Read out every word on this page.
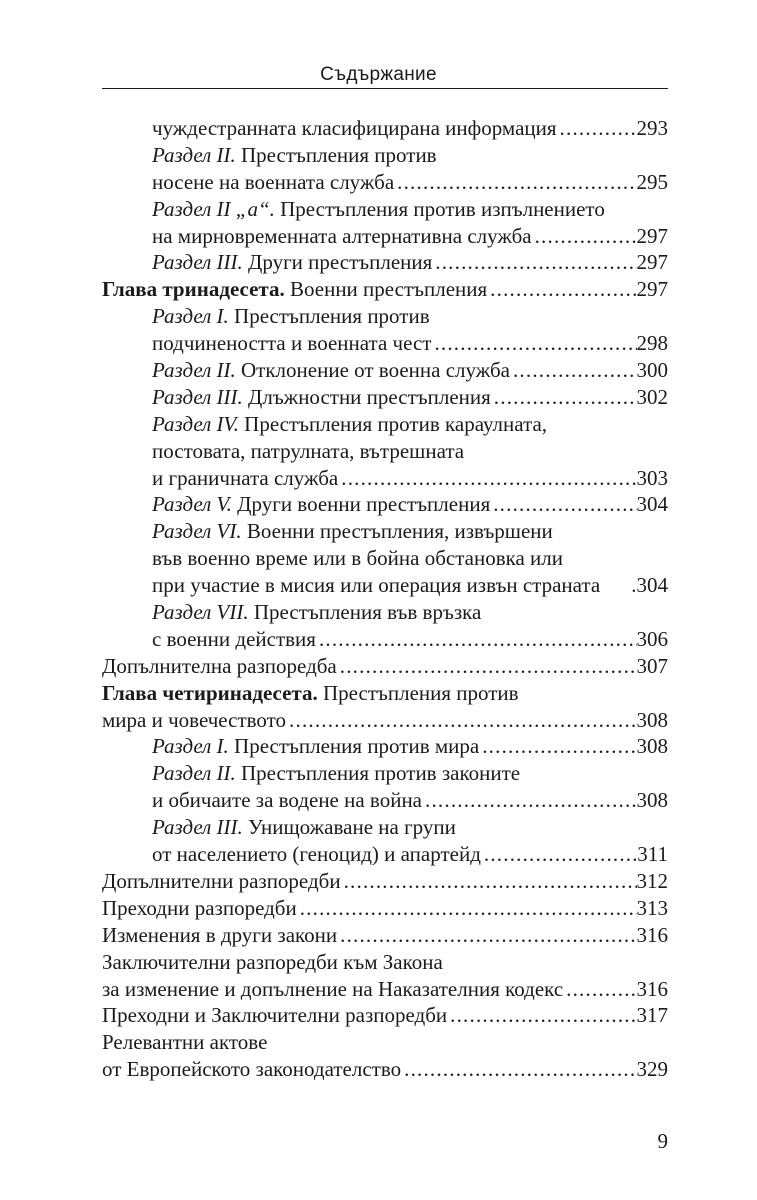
Съдържание
чуждестранната класифицирана информация .....	293
Раздел II. Престъпления против
носене на военната служба .....	295
Раздел II „а“. Престъпления против изпълнението
на мирновременната алтернативна служба .....	297
Раздел III. Други престъпления .....	297
Глава тринадесета. Военни престъпления .....	297
Раздел I. Престъпления против
подчинеността и военната чест .....	298
Раздел II. Отклонение от военна служба .....	300
Раздел III. Длъжностни престъпления .....	302
Раздел IV. Престъпления против караулната,
постовата, патрулната, вътрешната
и граничната служба .....	303
Раздел V. Други военни престъпления .....	304
Раздел VI. Военни престъпления, извършени
във военно време или в бойна обстановка или
при участие в мисия или операция извън страната .304
Раздел VII. Престъпления във връзка
с военни действия .....	306
Допълнителна разпоредба .....	307
Глава четиринадесета. Престъпления против
мира и човечеството .....	308
Раздел I. Престъпления против мира .....	308
Раздел II. Престъпления против законите
и обичаите за водене на война .....	308
Раздел III. Унищожаване на групи
от населението (геноцид) и апартейд .....	311
Допълнителни разпоредби .....	312
Преходни разпоредби .....	313
Изменения в други закони .....	316
Заключителни разпоредби към Закона
за изменение и допълнение на Наказателния кодекс .....	316
Преходни и Заключителни разпоредби .....	317
Релевантни актове
от Европейското законодателство .....	329
9
